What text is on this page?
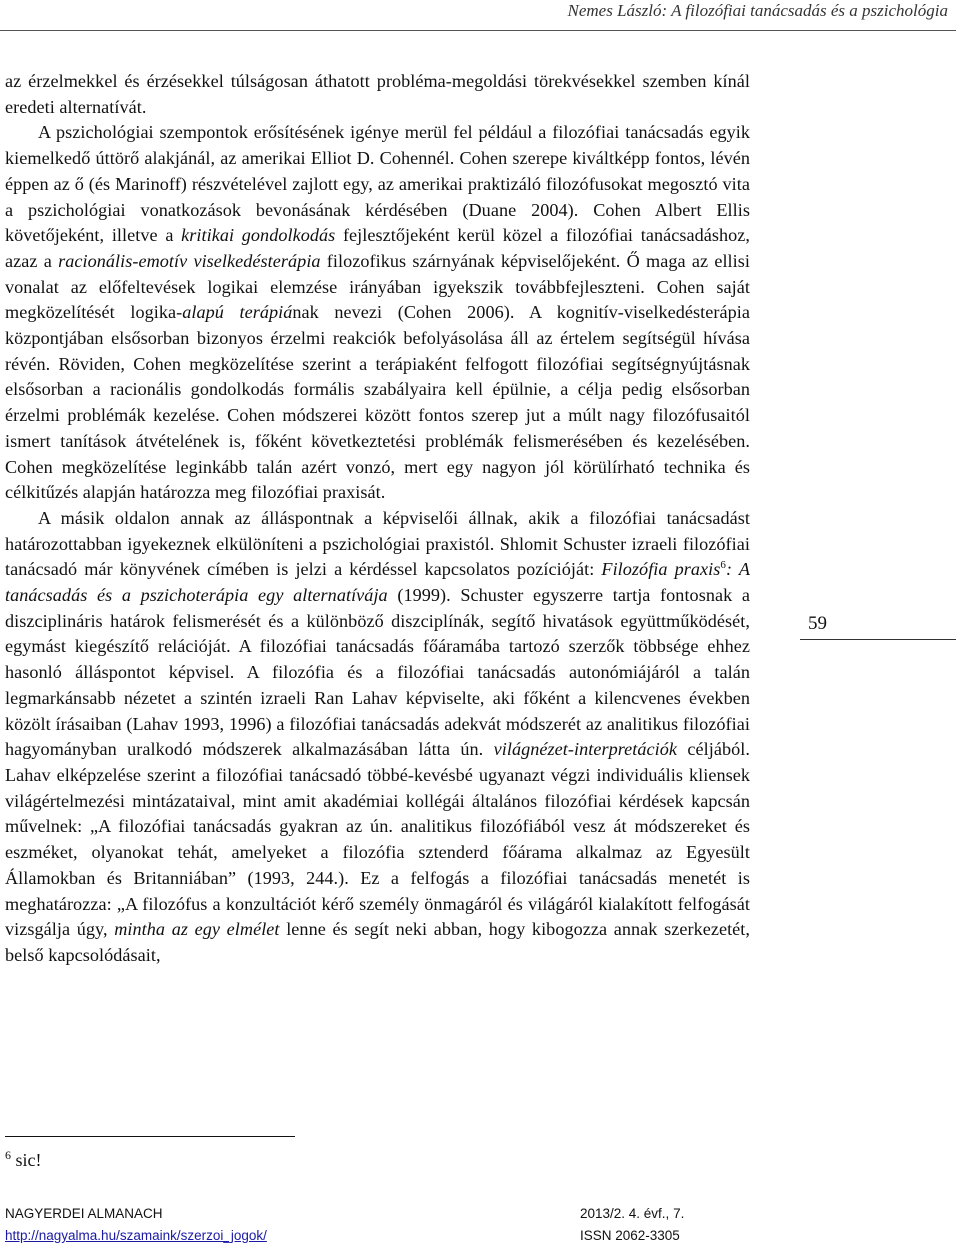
Nemes László: A filozófiai tanácsadás és a pszichológia

az érzelmekkel és érzésekkel túlságosan áthatott probléma-megoldási törekvésekkel szemben kínál eredeti alternatívát.

A pszichológiai szempontok erősítésének igénye merül fel például a filozófiai tanácsadás egyik kiemelkedő úttörő alakjánál, az amerikai Elliot D. Cohennél. Cohen szerepe kiváltképp fontos, lévén éppen az ő (és Marinoff) részvételével zajlott egy, az amerikai praktizáló filozófusokat megosztó vita a pszichológiai vonatkozások bevonásának kérdésében (Duane 2004). Cohen Albert Ellis követőjeként, illetve a kritikai gondolkodás fejlesztőjeként kerül közel a filozófiai tanácsadáshoz, azaz a racionális-emotív viselkedésterápia filozofikus szárnyának képviselőjeként. Ő maga az ellisi vonalat az előfeltevések logikai elemzése irányában igyekszik továbbfejleszteni. Cohen saját megközelítését logika-alapú terápiának nevezi (Cohen 2006). A kognitív-viselkedésterápia központjában elsősorban bizonyos érzelmi reakciók befolyásolása áll az értelem segítségül hívása révén. Röviden, Cohen megközelítése szerint a terápiaként felfogott filozófiai segítségnyújtásnak elsősorban a racionális gondolkodás formális szabályaira kell épülnie, a célja pedig elsősorban érzelmi problémák kezelése. Cohen módszerei között fontos szerep jut a múlt nagy filozófusaitól ismert tanítások átvételének is, főként következtetési problémák felismerésében és kezelésében. Cohen megközelítése leginkább talán azért vonzó, mert egy nagyon jól körülírható technika és célkitűzés alapján határozza meg filozófiai praxisát.

A másik oldalon annak az álláspontnak a képviselői állnak, akik a filozófiai tanácsadást határozottabban igyekeznek elkülöníteni a pszichológiai praxistól. Shlomit Schuster izraeli filozófiai tanácsadó már könyvének címében is jelzi a kérdéssel kapcsolatos pozícióját: Filozófia praxis$^6$: A tanácsadás és a pszichoterápia egy alternatívája (1999). Schuster egyszerre tartja fontosnak a diszciplináris határok felismerését és a különböző diszciplínák, segítő hivatások együttműködését, egymást kiegészítő relációját. A filozófiai tanácsadás főáramába tartozó szerzők többsége ehhez hasonló álláspontot képvisel. A filozófia és a filozófiai tanácsadás autonómiájáról a talán legmarkánsabb nézetet a szintén izraeli Ran Lahav képviselte, aki főként a kilencvenes években közölt írásaiban (Lahav 1993, 1996) a filozófiai tanácsadás adekvát módszerét az analitikus filozófiai hagyományban uralkodó módszerek alkalmazásában látta ún. világnézet-interpretációk céljából. Lahav elképzelése szerint a filozófiai tanácsadó többé-kevésbé ugyanazt végzi individuális kliensek világértelmezési mintázataival, mint amit akadémiai kollégái általános filozófiai kérdések kapcsán művelnek: „A filozófiai tanácsadás gyakran az ún. analitikus filozófiából vesz át módszereket és eszméket, olyanokat tehát, amelyeket a filozófia sztenderd főárama alkalmaz az Egyesült Államokban és Britanniában” (1993, 244.). Ez a felfogás a filozófiai tanácsadás menetét is meghatározza: „A filozófus a konzultációt kérő személy önmagáról és világáról kialakított felfogását vizsgálja úgy, mintha az egy elmélet lenne és segít neki abban, hogy kibogozza annak szerkezetét, belső kapcsolódásait,

59
$^6$ sic!
NAGYERDEI ALMANACH	2013/2. 4. évf., 7.
http://nagyalma.hu/szamaink/szerzoi_jogok/	ISSN 2062-3305
